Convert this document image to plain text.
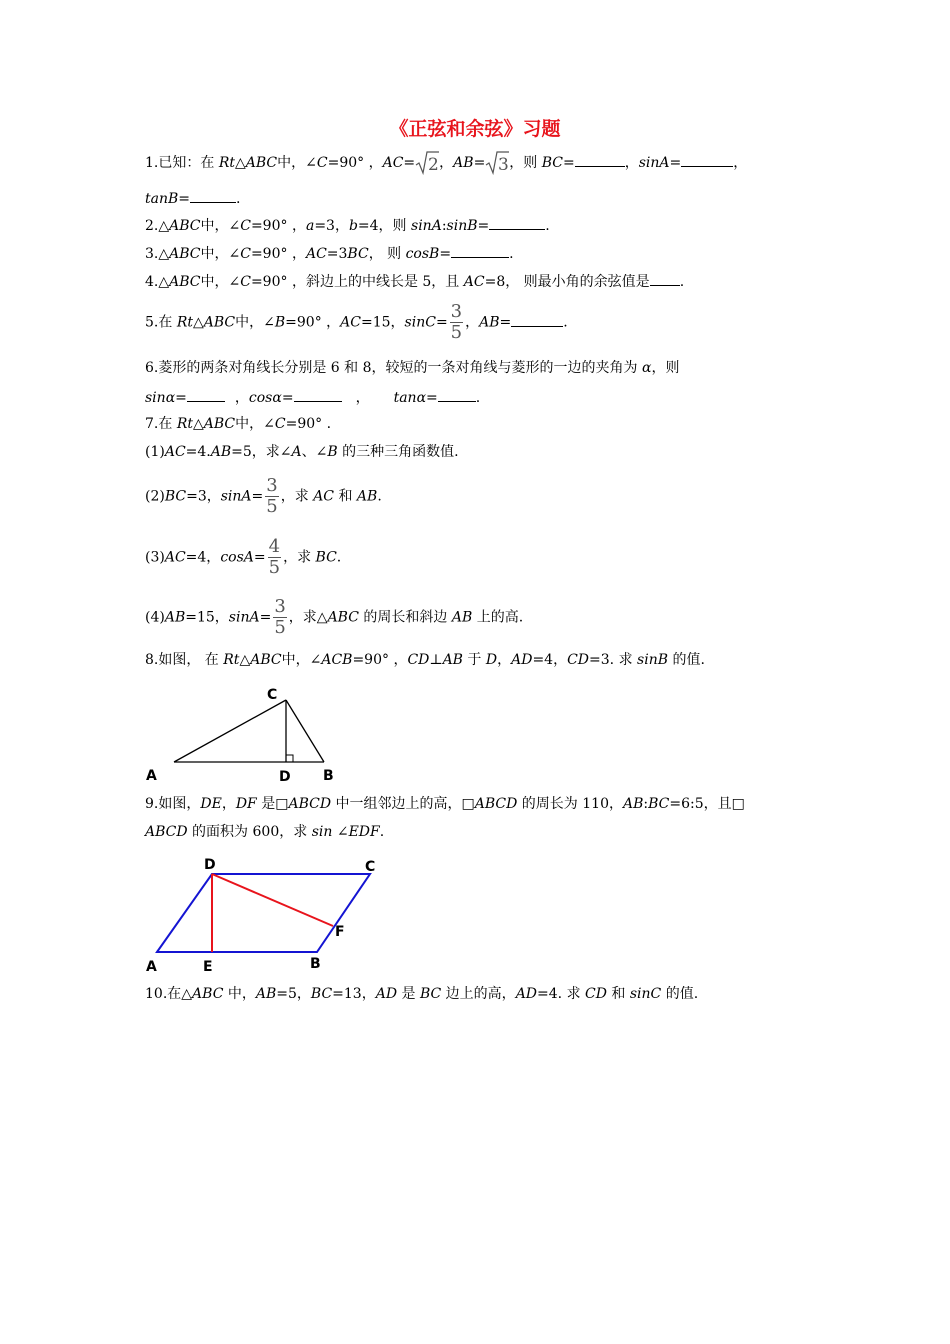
《正弦和余弦》习题
1.已知：在 Rt△ABC中，∠C=90° ，AC= 2 ，AB= 3 ，则 BC=	，sinA=	，
tanB=	.
2.△ABC中，∠C=90° ，a=3，b=4，则 sinA:sinB=	.
3.△ABC中，∠C=90° ，AC=3BC， 则 cosB=	.
4.△ABC中，∠C=90° ，斜边上的中线长是 5，且 AC=8， 则最小角的余弦值是 .
5.在 Rt△ABC中，∠B=90° ，AC=15，$\sin C= \frac{3}{5}$ ，AB=	.
6.菱形的两条对角线长分别是 6 和 8，较短的一条对角线与菱形的一边的夹角为 α，则
sinα=	，cosα=	， tanα=	.
7.在 Rt△ABC中，∠C=90° .
(1)AC=4.AB=5，求∠A、∠B 的三种三角函数值.
(2)BC=3，$\sin A= \frac{3}{5}$ ，求 AC 和 AB.
(3)AC=4，$\cos A= \frac{4}{5}$ ，求 BC.
(4)AB=15，$\sin A= \frac{3}{5}$ ，求△ABC 的周长和斜边 AB 上的高.
8.如图， 在 Rt△ABC中，∠ACB=90° ，CD⊥AB 于 D，AD=4，CD=3. 求 sinB 的值.
C
A	D B
9.如图，DE，DF 是□ABCD 中一组邻边上的高，□ABCD 的周长为 110，AB:BC=6:5，且□
ABCD 的面积为 600，求 sin ∠EDF.
D	C
F
A	E	B
10.在△ABC 中，AB=5，BC=13，AD 是 BC 边上的高，AD=4. 求 CD 和 sinC 的值.
